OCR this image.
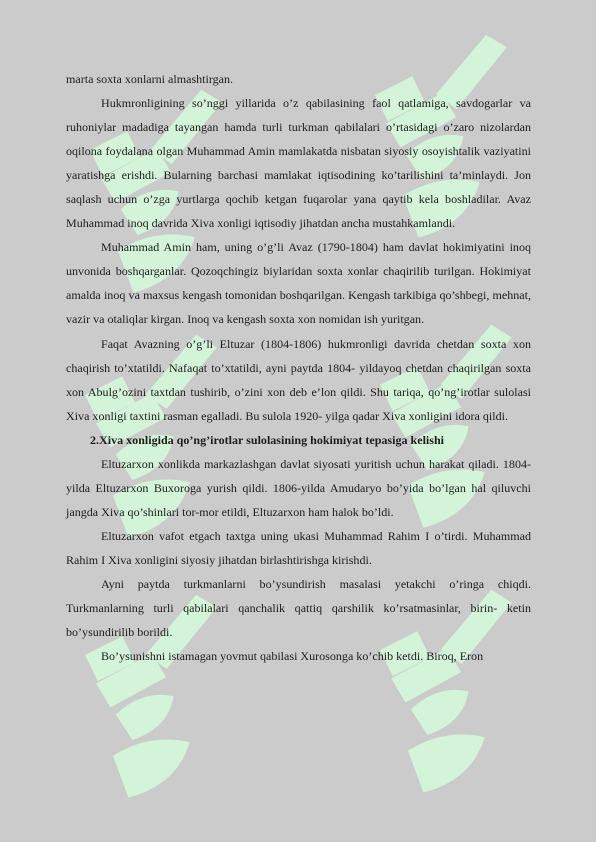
marta soxta xonlarni almashtirgan.

Hukmronligining so’nggi yillarida o’z qabilasining faol qatlamiga, savdogarlar va ruhoniylar madadiga tayangan hamda turli turkman qabilalari o’rtasidagi o’zaro nizolardan oqilona foydalana olgan Muhammad Amin mamlakatda nisbatan siyosiy osoyishtalik vaziyatini yaratishga erishdi. Bularning barchasi mamlakat iqtisodining ko’tarilishini ta’minlaydi. Jon saqlash uchun o’zga yurtlarga qochib ketgan fuqarolar yana qaytib kela boshladilar. Avaz Muhammad inoq davrida Xiva xonligi iqtisodiy jihatdan ancha mustahkamlandi.

Muhammad Amin ham, uning o’g’li Avaz (1790-1804) ham davlat hokimiyatini inoq unvonida boshqarganlar. Qozoqchingiz biylaridan soxta xonlar chaqirilib turilgan. Hokimiyat amalda inoq va maxsus kengash tomonidan boshqarilgan. Kengash tarkibiga qo’shbegi, mehnat, vazir va otaliqlar kirgan. Inoq va kengash soxta xon nomidan ish yuritgan.

Faqat Avazning o’g’li Eltuzar (1804-1806) hukmronligi davrida chetdan soxta xon chaqirish to’xtatildi. Nafaqat to’xtatildi, ayni paytda 1804- yildayoq chetdan chaqirilgan soxta xon Abulg’ozini taxtdan tushirib, o’zini xon deb e’lon qildi. Shu tariqa, qo’ng’irotlar sulolasi Xiva xonligi taxtini rasman egalladi. Bu sulola 1920- yilga qadar Xiva xonligini idora qildi.

2.Xiva xonligida qo’ng’irotlar sulolasining hokimiyat tepasiga kelishi

Eltuzarxon xonlikda markazlashgan davlat siyosati yuritish uchun harakat qiladi. 1804- yilda Eltuzarxon Buxoroga yurish qildi. 1806-yilda Amudaryo bo’yida bo’lgan hal qiluvchi jangda Xiva qo’shinlari tor-mor etildi, Eltuzarxon ham halok bo’ldi.

Eltuzarxon vafot etgach taxtga uning ukasi Muhammad Rahim I o’tirdi. Muhammad Rahim I Xiva xonligini siyosiy jihatdan birlashtirishga kirishdi.

Ayni paytda turkmanlarni bo’ysundirish masalasi yetakchi o’ringa chiqdi. Turkmanlarning turli qabilalari qanchalik qattiq qarshilik ko’rsatmasinlar, birin- ketin bo’ysundirilib borildi.

Bo’ysunishni istamagan yovmut qabilasi Xurosonga ko’chib ketdi. Biroq, Eron
